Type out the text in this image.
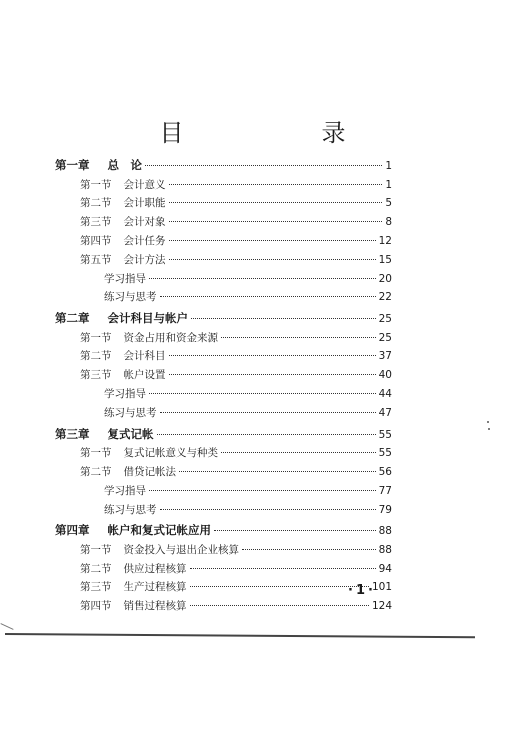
目　　录
第一章 总　论	1
第一节 会计意义	1
第二节 会计职能	5
第三节 会计对象	8
第四节 会计任务	12
第五节 会计方法	15
学习指导	20
练习与思考	22
第二章 会计科目与帐户	25
第一节 资金占用和资金来源	25
第二节 会计科目	37
第三节 帐户设置	40
学习指导	44
练习与思考	47
第三章 复式记帐	55
第一节 复式记帐意义与种类	55
第二节 借贷记帐法	56
学习指导	77
练习与思考	79
第四章 帐户和复式记帐应用	88
第一节 资金投入与退出企业核算	88
第二节 供应过程核算	94
第三节 生产过程核算	101
第四节 销售过程核算	124
·1·
